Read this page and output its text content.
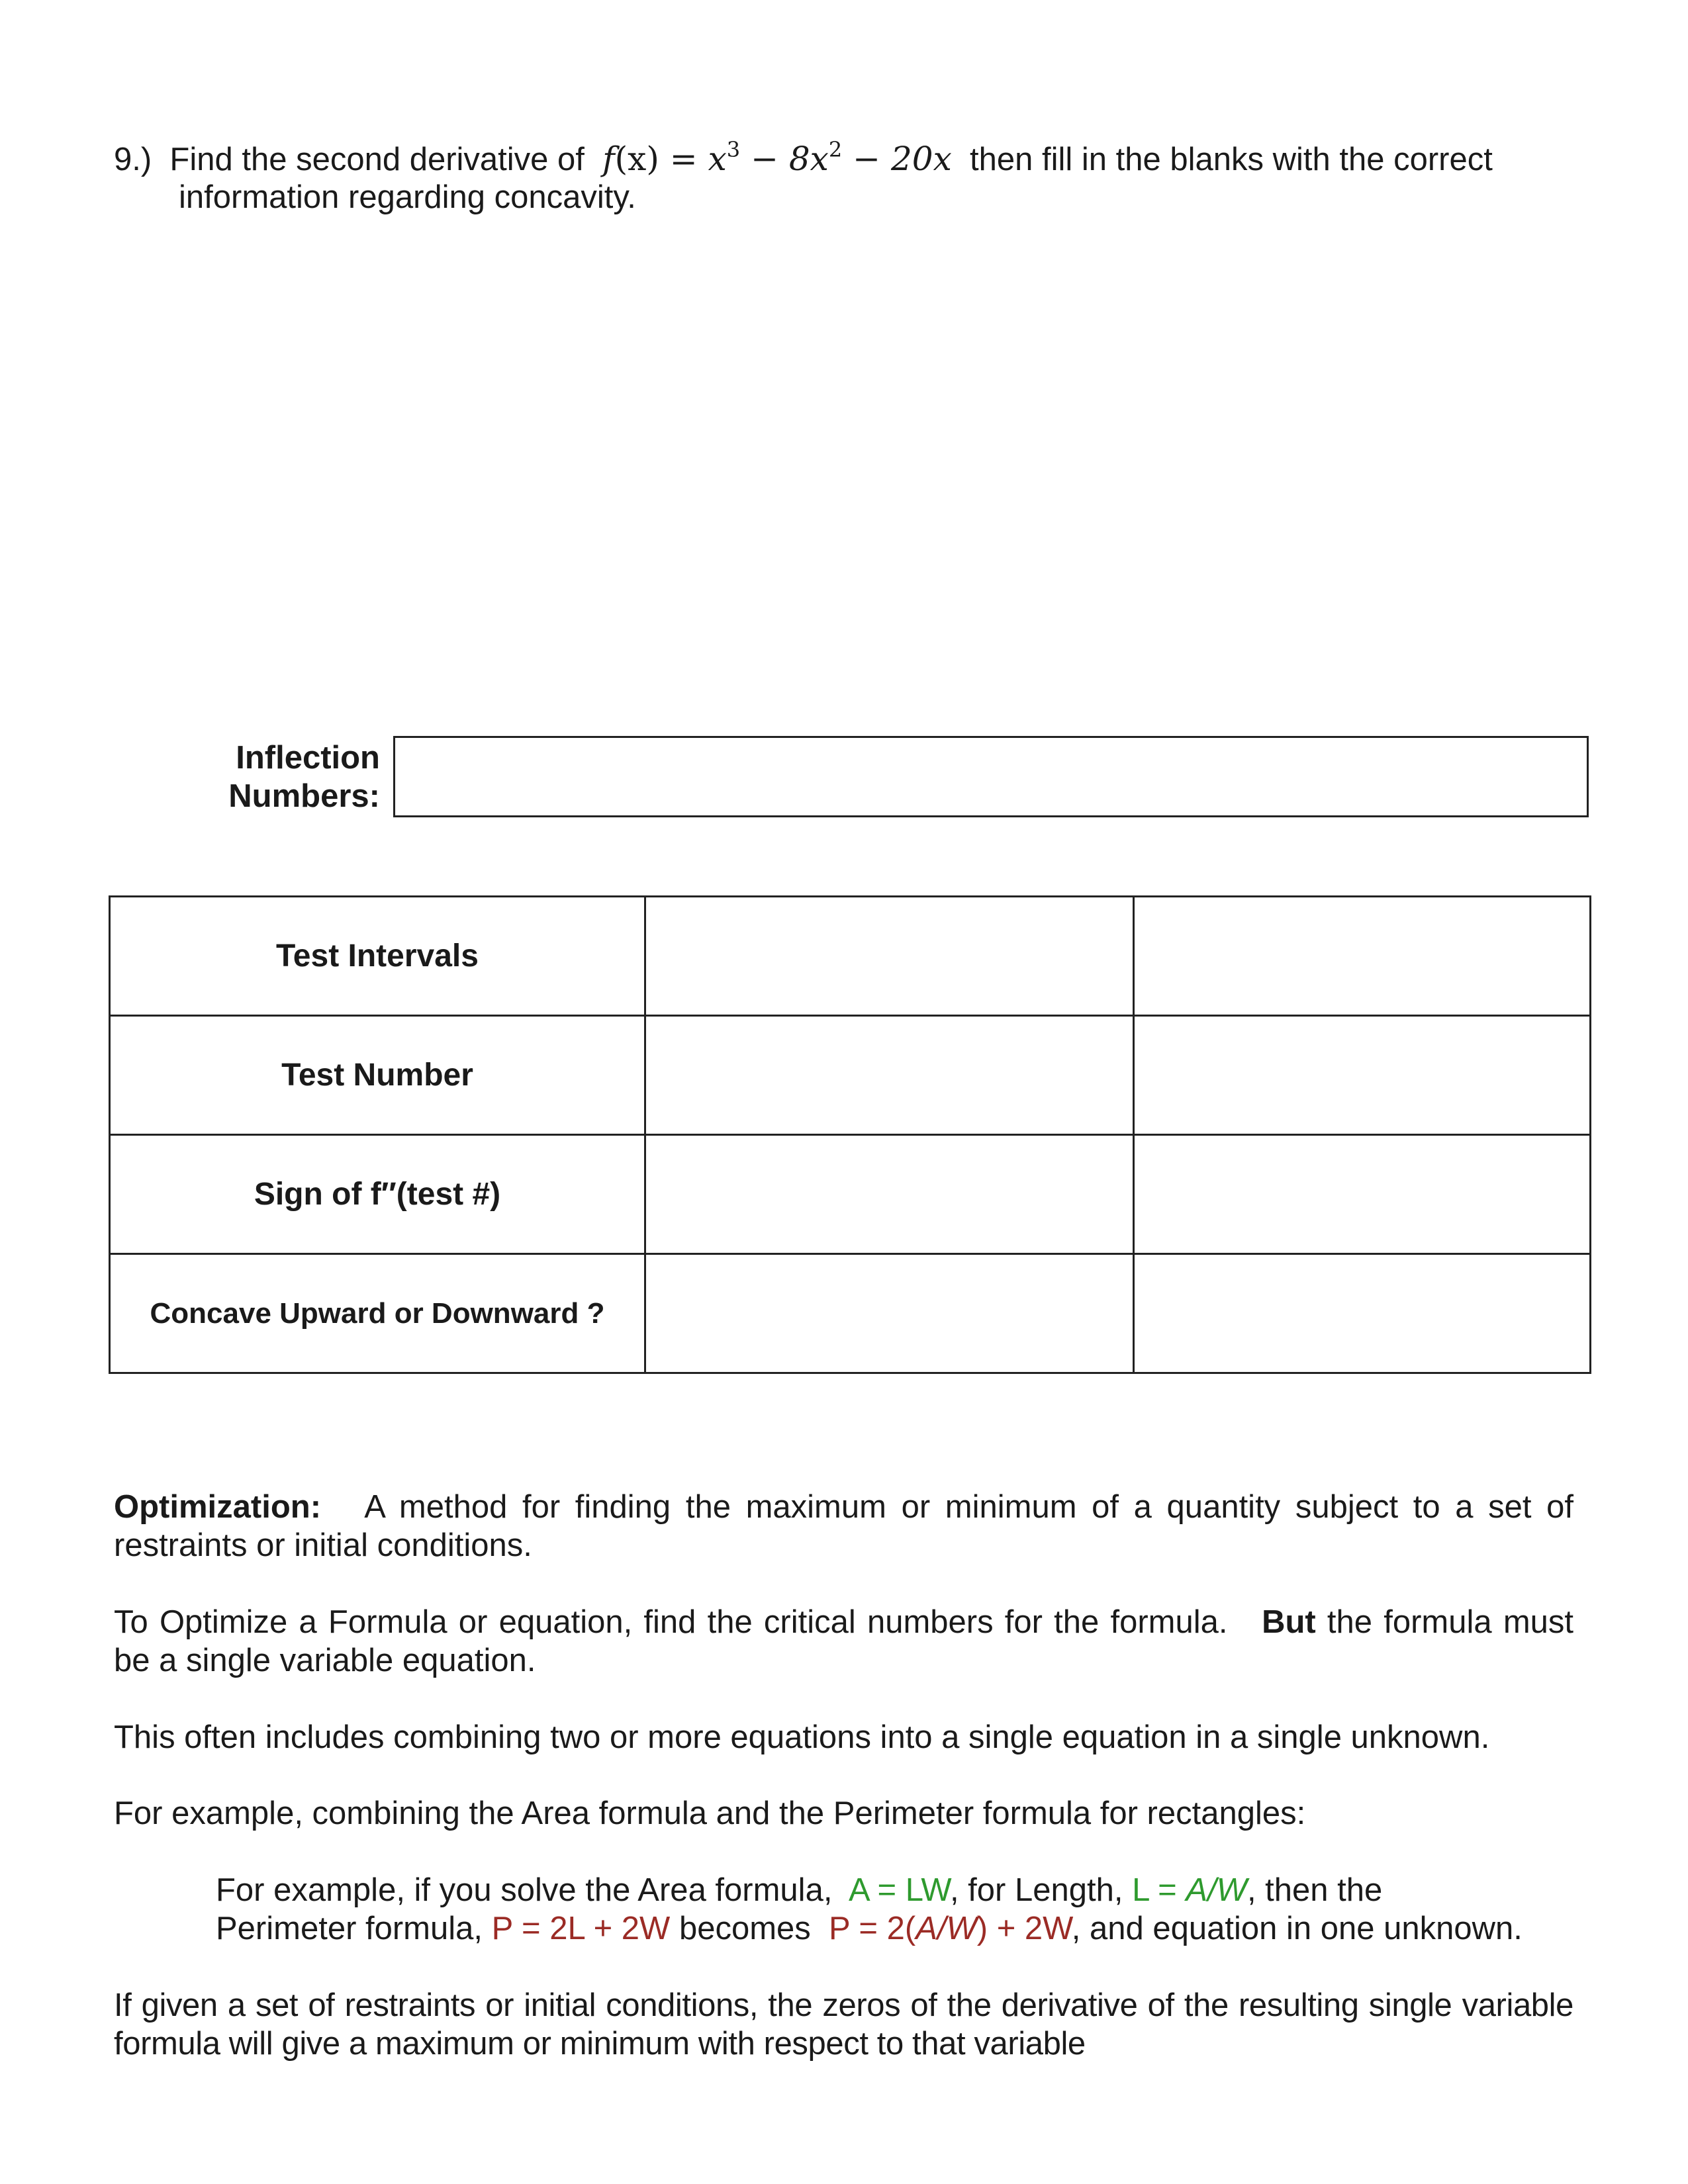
9.) Find the second derivative of $f(x) = x^3 - 8x^2 - 20x$ then fill in the blanks with the correct
information regarding concavity.
Inflection
Numbers:
Test Intervals		
Test Number		
Sign of f′′(test #)		
Concave Upward or Downward ?		
Optimization: A method for finding the maximum or minimum of a quantity subject to a set of restraints or initial conditions.
To Optimize a Formula or equation, find the critical numbers for the formula. But the formula must be a single variable equation.
This often includes combining two or more equations into a single equation in a single unknown.
For example, combining the Area formula and the Perimeter formula for rectangles:
For example, if you solve the Area formula, A = LW, for Length, L = A/W, then the
Perimeter formula, P = 2L + 2W becomes P = 2(A/W) + 2W, and equation in one unknown.
If given a set of restraints or initial conditions, the zeros of the derivative of the resulting single variable formula will give a maximum or minimum with respect to that variable
